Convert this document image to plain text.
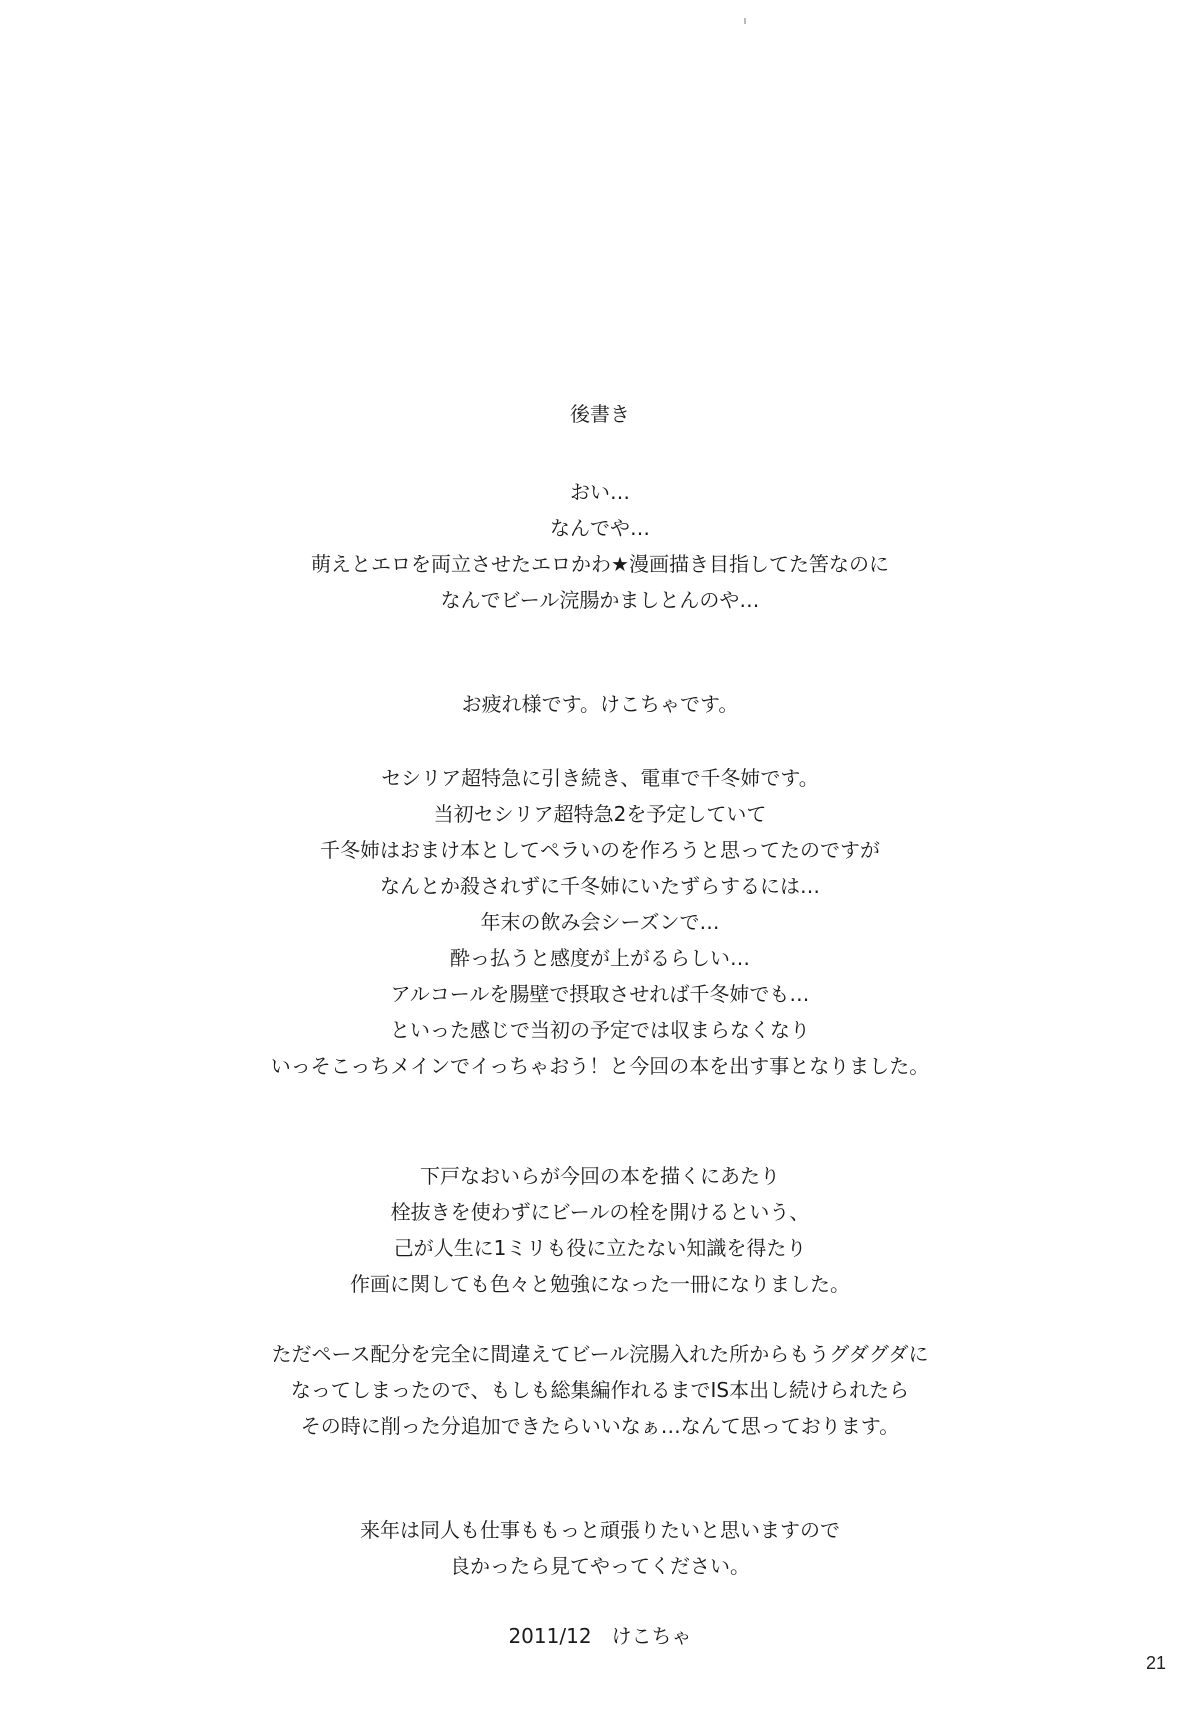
後書き

おい…
なんでや…
萌えとエロを両立させたエロかわ★漫画描き目指してた筈なのに
なんでビール浣腸かましとんのや…

お疲れ様です。けこちゃです。

セシリア超特急に引き続き、電車で千冬姉です。
当初セシリア超特急2を予定していて
千冬姉はおまけ本としてペラいのを作ろうと思ってたのですが
なんとか殺されずに千冬姉にいたずらするには…
年末の飲み会シーズンで…
酔っ払うと感度が上がるらしい…
アルコールを腸壁で摂取させれば千冬姉でも…
といった感じで当初の予定では収まらなくなり
いっそこっちメインでイっちゃおう！と今回の本を出す事となりました。

下戸なおいらが今回の本を描くにあたり
栓抜きを使わずにビールの栓を開けるという、
己が人生に1ミリも役に立たない知識を得たり
作画に関しても色々と勉強になった一冊になりました。

ただペース配分を完全に間違えてビール浣腸入れた所からもうグダグダに
なってしまったので、もしも総集編作れるまでIS本出し続けられたら
その時に削った分追加できたらいいなぁ…なんて思っております。

来年は同人も仕事ももっと頑張りたいと思いますので
良かったら見てやってください。

2011/12　けこちゃ
21
